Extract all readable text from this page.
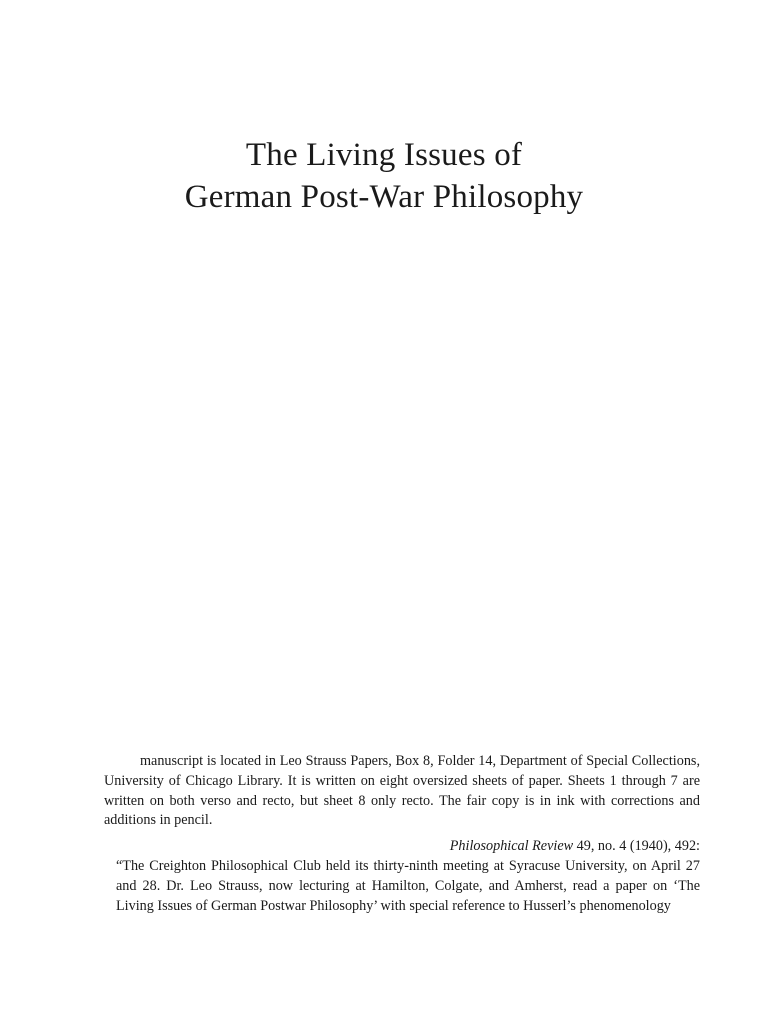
The Living Issues of
German Post-War Philosophy

manuscript is located in Leo Strauss Papers, Box 8, Folder 14, Department of Special Collections, University of Chicago Library. It is written on eight oversized sheets of paper. Sheets 1 through 7 are written on both verso and recto, but sheet 8 only recto. The fair copy is in ink with corrections and additions in pencil.

Philosophical Review 49, no. 4 (1940), 492:

“The Creighton Philosophical Club held its thirty-ninth meeting at Syracuse University, on April 27 and 28. Dr. Leo Strauss, now lecturing at Hamilton, Colgate, and Amherst, read a paper on ‘The Living Issues of German Postwar Philosophy’ with special reference to Husserl’s phenomenology
